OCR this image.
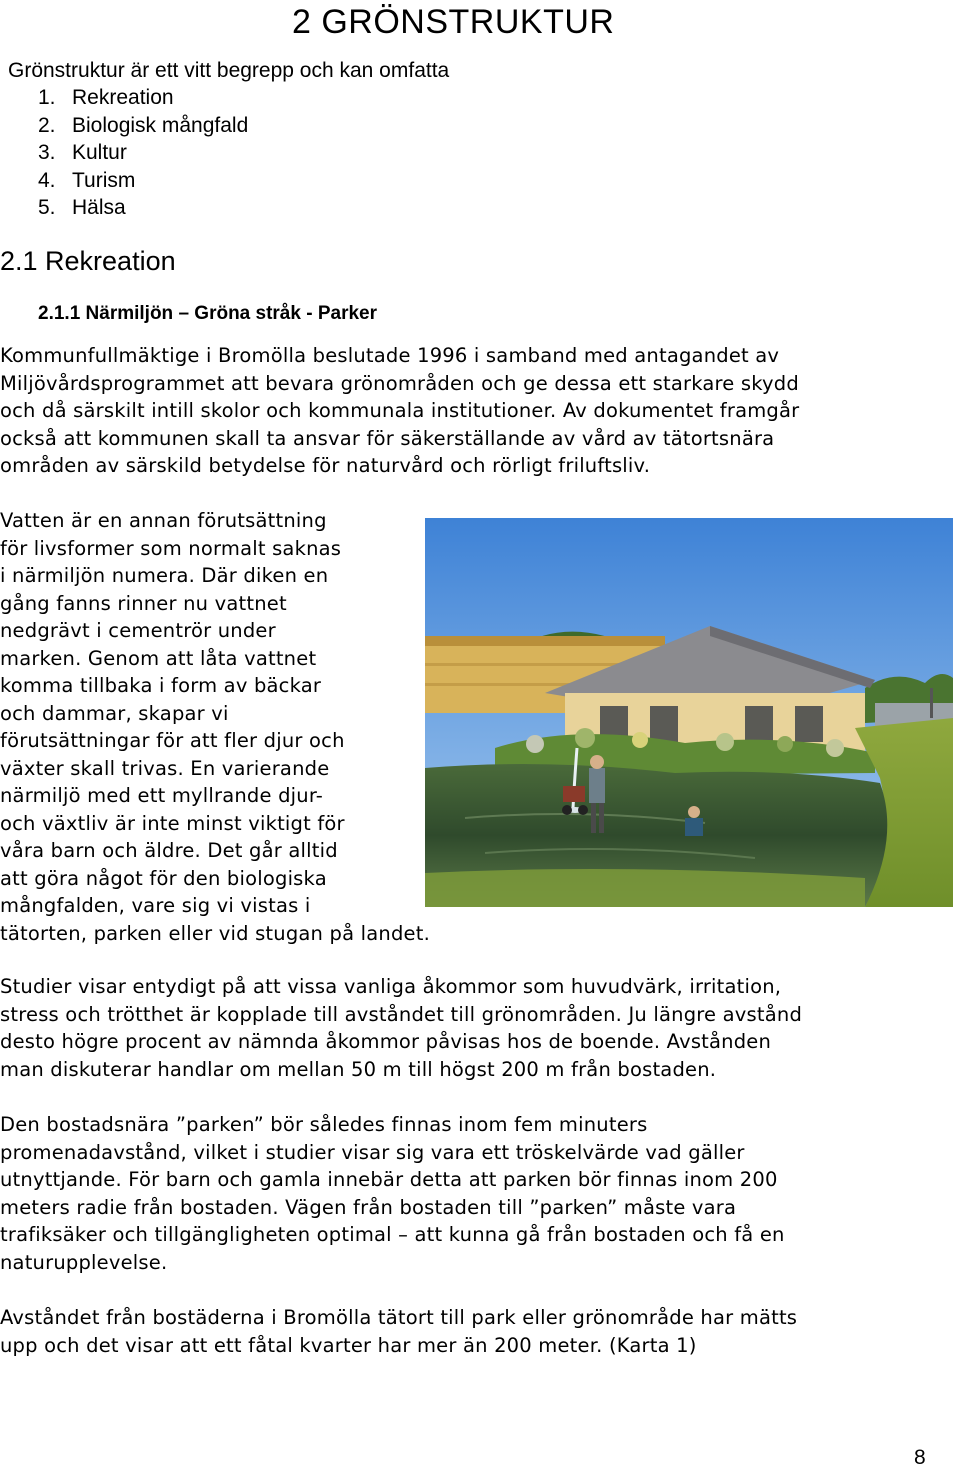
2 GRÖNSTRUKTUR
Grönstruktur är ett vitt begrepp och kan omfatta
1. Rekreation
2. Biologisk mångfald
3. Kultur
4. Turism
5. Hälsa
2.1 Rekreation
2.1.1 Närmiljön – Gröna stråk - Parker

Kommunfullmäktige i Bromölla beslutade 1996 i samband med antagandet av
Miljövårdsprogrammet att bevara grönområden och ge dessa ett starkare skydd
och då särskilt intill skolor och kommunala institutioner. Av dokumentet framgår
också att kommunen skall ta ansvar för säkerställande av vård av tätortsnära
områden av särskild betydelse för naturvård och rörligt friluftsliv.

Vatten är en annan förutsättning
för livsformer som normalt saknas
i närmiljön numera. Där diken en
gång fanns rinner nu vattnet
nedgrävt i cementrör under
marken. Genom att låta vattnet
komma tillbaka i form av bäckar
och dammar, skapar vi
förutsättningar för att fler djur och
växter skall trivas. En varierande
närmiljö med ett myllrande djur-
och växtliv är inte minst viktigt för
våra barn och äldre. Det går alltid
att göra något för den biologiska
mångfalden, vare sig vi vistas i
tätorten, parken eller vid stugan på landet.

Studier visar entydigt på att vissa vanliga åkommor som huvudvärk, irritation,
stress och trötthet är kopplade till avståndet till grönområden. Ju längre avstånd
desto högre procent av nämnda åkommor påvisas hos de boende. Avstånden
man diskuterar handlar om mellan 50 m till högst 200 m från bostaden.

Den bostadsnära ”parken” bör således finnas inom fem minuters
promenadavstånd, vilket i studier visar sig vara ett tröskelvärde vad gäller
utnyttjande. För barn och gamla innebär detta att parken bör finnas inom 200
meters radie från bostaden. Vägen från bostaden till ”parken” måste vara
trafiksäker och tillgängligheten optimal – att kunna gå från bostaden och få en
naturupplevelse.

Avståndet från bostäderna i Bromölla tätort till park eller grönområde har mätts
upp och det visar att ett fåtal kvarter har mer än 200 meter. (Karta 1)

8
